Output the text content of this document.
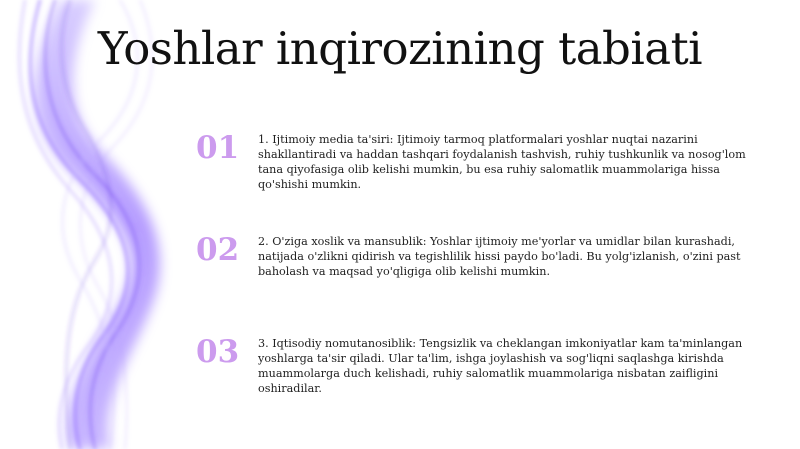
Yoshlar inqirozining tabiati
01	1. Ijtimoiy media ta'siri: Ijtimoiy tarmoq platformalari yoshlar nuqtai nazarini shakllantiradi va haddan tashqari foydalanish tashvish, ruhiy tushkunlik va nosog'lom tana qiyofasiga olib kelishi mumkin, bu esa ruhiy salomatlik muammolariga hissa qo'shishi mumkin.
02	2. O'ziga xoslik va mansublik: Yoshlar ijtimoiy me'yorlar va umidlar bilan kurashadi, natijada o'zlikni qidirish va tegishlilik hissi paydo bo'ladi. Bu yolg'izlanish, o'zini past baholash va maqsad yo'qligiga olib kelishi mumkin.
03	3. Iqtisodiy nomutanosiblik: Tengsizlik va cheklangan imkoniyatlar kam ta'minlangan yoshlarga ta'sir qiladi. Ular ta'lim, ishga joylashish va sog'liqni saqlashga kirishda muammolarga duch kelishadi, ruhiy salomatlik muammolariga nisbatan zaifligini oshiradilar.
